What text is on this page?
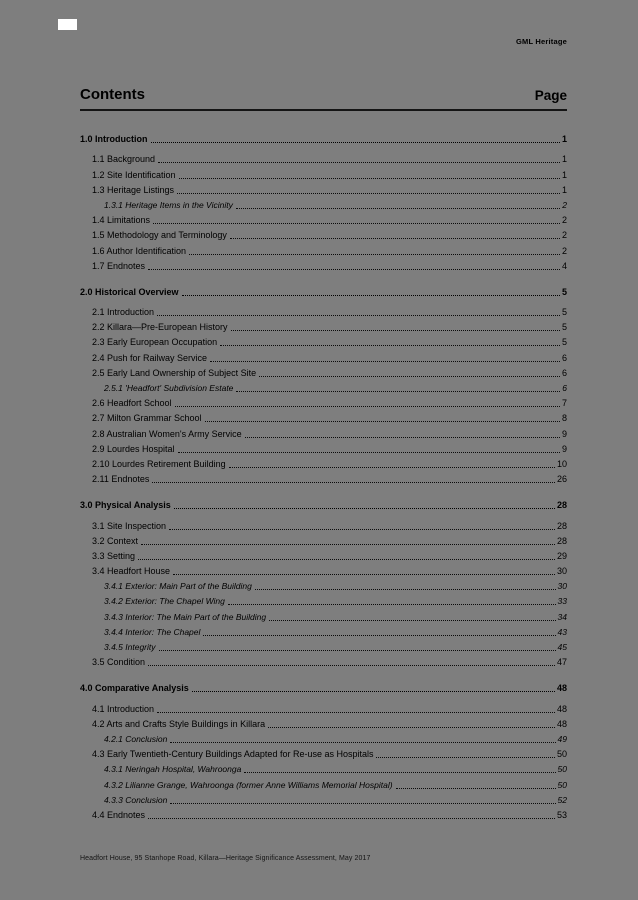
GML Heritage
Contents	Page
1.0 Introduction	1
1.1 Background	1
1.2 Site Identification	1
1.3 Heritage Listings	1
1.3.1 Heritage Items in the Vicinity	2
1.4 Limitations	2
1.5 Methodology and Terminology	2
1.6 Author Identification	2
1.7 Endnotes	4
2.0 Historical Overview	5
2.1 Introduction	5
2.2 Killara—Pre-European History	5
2.3 Early European Occupation	5
2.4 Push for Railway Service	6
2.5 Early Land Ownership of Subject Site	6
2.5.1 'Headfort' Subdivision Estate	6
2.6 Headfort School	7
2.7 Milton Grammar School	8
2.8 Australian Women's Army Service	9
2.9 Lourdes Hospital	9
2.10 Lourdes Retirement Building	10
2.11 Endnotes	26
3.0 Physical Analysis	28
3.1 Site Inspection	28
3.2 Context	28
3.3 Setting	29
3.4 Headfort House	30
3.4.1 Exterior: Main Part of the Building	30
3.4.2 Exterior: The Chapel Wing	33
3.4.3 Interior: The Main Part of the Building	34
3.4.4 Interior: The Chapel	43
3.4.5 Integrity	45
3.5 Condition	47
4.0 Comparative Analysis	48
4.1 Introduction	48
4.2 Arts and Crafts Style Buildings in Killara	48
4.2.1 Conclusion	49
4.3 Early Twentieth-Century Buildings Adapted for Re-use as Hospitals	50
4.3.1 Neringah Hospital, Wahroonga	50
4.3.2 Lilianne Grange, Wahroonga (former Anne Williams Memorial Hospital)	50
4.3.3 Conclusion	52
4.4 Endnotes	53
Headfort House, 95 Stanhope Road, Killara—Heritage Significance Assessment, May 2017
